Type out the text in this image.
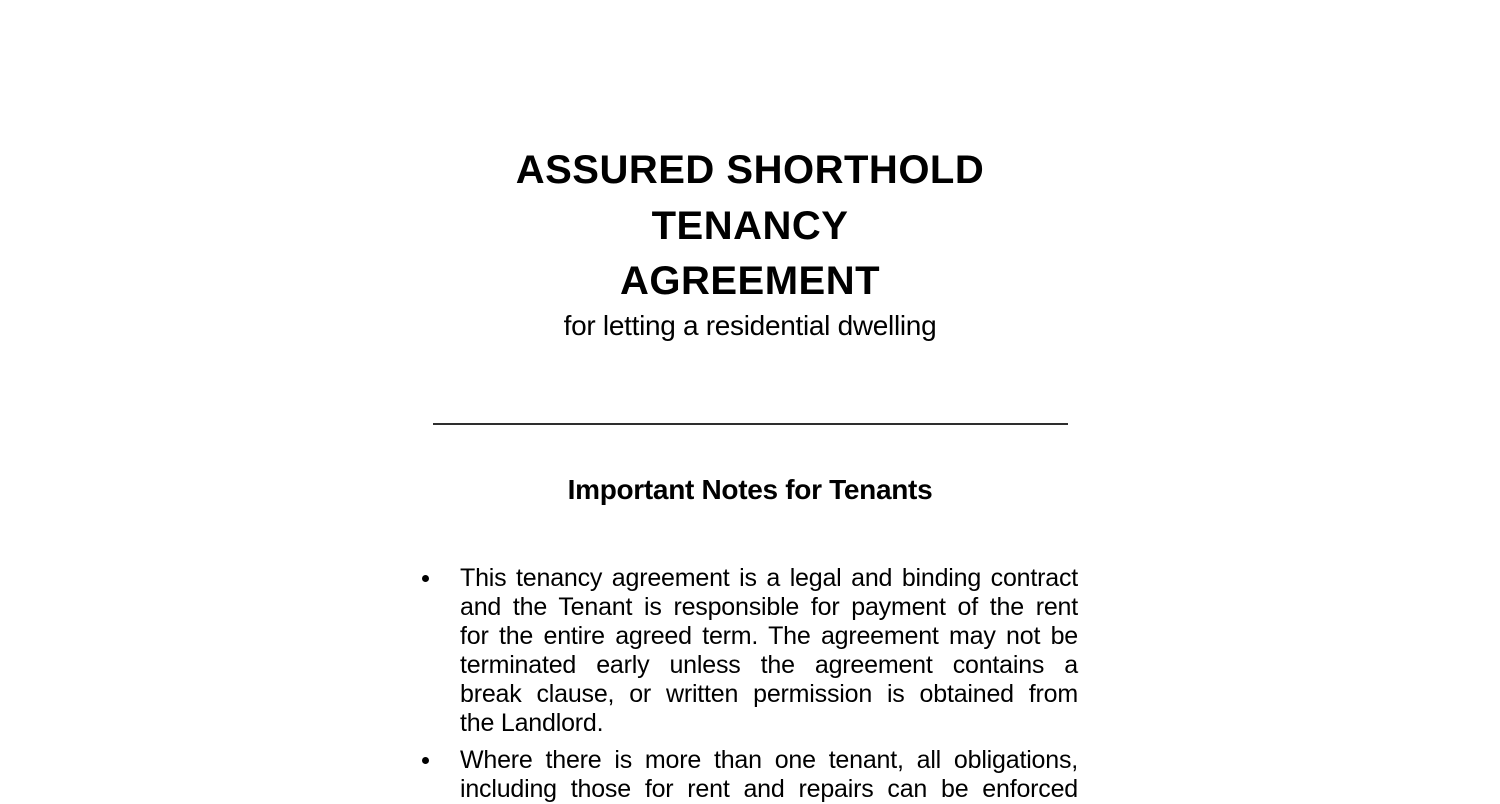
ASSURED SHORTHOLD
TENANCY
AGREEMENT
for letting a residential dwelling
Important Notes for Tenants
This tenancy agreement is a legal and binding contract
and the Tenant is responsible for payment of the rent
for the entire agreed term. The agreement may not be
terminated early unless the agreement contains a
break clause, or written permission is obtained from
the Landlord.
Where there is more than one tenant, all obligations,
including those for rent and repairs can be enforced
